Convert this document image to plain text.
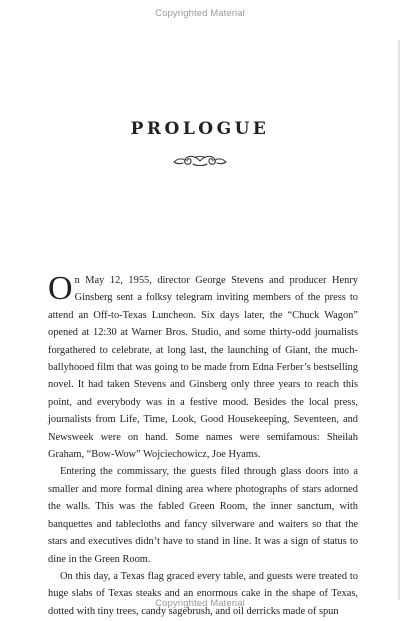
Copyrighted Material
PROLOGUE

On May 12, 1955, director George Stevens and producer Henry Ginsberg sent a folksy telegram inviting members of the press to attend an Off-to-Texas Luncheon. Six days later, the “Chuck Wagon” opened at 12:30 at Warner Bros. Studio, and some thirty-odd journalists forgathered to celebrate, at long last, the launching of Giant, the much-ballyhooed film that was going to be made from Edna Ferber’s bestselling novel. It had taken Stevens and Ginsberg only three years to reach this point, and everybody was in a festive mood. Besides the local press, journalists from Life, Time, Look, Good Housekeeping, Seventeen, and Newsweek were on hand. Some names were semifamous: Sheilah Graham, “Bow-Wow” Wojciechowicz, Joe Hyams.

Entering the commissary, the guests filed through glass doors into a smaller and more formal dining area where photographs of stars adorned the walls. This was the fabled Green Room, the inner sanctum, with banquettes and tablecloths and fancy silverware and waiters so that the stars and executives didn’t have to stand in line. It was a sign of status to dine in the Green Room.

On this day, a Texas flag graced every table, and guests were treated to huge slabs of Texas steaks and an enormous cake in the shape of Texas, dotted with tiny trees, candy sagebrush, and oil derricks made of spun

Copyrighted Material
